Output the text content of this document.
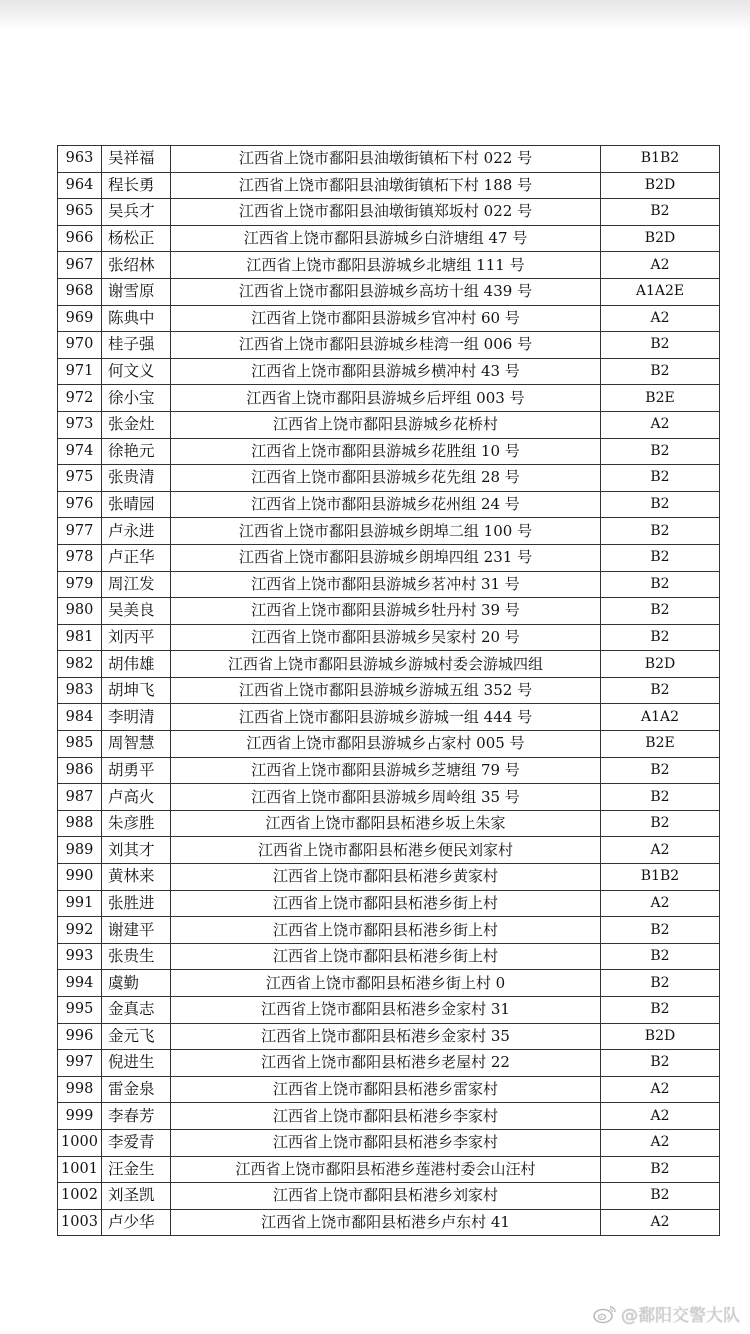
963	吴祥福	江西省上饶市鄱阳县油墩街镇柘下村 022 号	B1B2
964	程长勇	江西省上饶市鄱阳县油墩街镇柘下村 188 号	B2D
965	吴兵才	江西省上饶市鄱阳县油墩街镇郑坂村 022 号	B2
966	杨松正	江西省上饶市鄱阳县游城乡白浒塘组 47 号	B2D
967	张绍林	江西省上饶市鄱阳县游城乡北塘组 111 号	A2
968	谢雪原	江西省上饶市鄱阳县游城乡高坊十组 439 号	A1A2E
969	陈典中	江西省上饶市鄱阳县游城乡官冲村 60 号	A2
970	桂子强	江西省上饶市鄱阳县游城乡桂湾一组 006 号	B2
971	何文义	江西省上饶市鄱阳县游城乡横冲村 43 号	B2
972	徐小宝	江西省上饶市鄱阳县游城乡后坪组 003 号	B2E
973	张金灶	江西省上饶市鄱阳县游城乡花桥村	A2
974	徐艳元	江西省上饶市鄱阳县游城乡花胜组 10 号	B2
975	张贵清	江西省上饶市鄱阳县游城乡花先组 28 号	B2
976	张晴园	江西省上饶市鄱阳县游城乡花州组 24 号	B2
977	卢永进	江西省上饶市鄱阳县游城乡朗埠二组 100 号	B2
978	卢正华	江西省上饶市鄱阳县游城乡朗埠四组 231 号	B2
979	周江发	江西省上饶市鄱阳县游城乡茗冲村 31 号	B2
980	吴美良	江西省上饶市鄱阳县游城乡牡丹村 39 号	B2
981	刘丙平	江西省上饶市鄱阳县游城乡吴家村 20 号	B2
982	胡伟雄	江西省上饶市鄱阳县游城乡游城村委会游城四组	B2D
983	胡坤飞	江西省上饶市鄱阳县游城乡游城五组 352 号	B2
984	李明清	江西省上饶市鄱阳县游城乡游城一组 444 号	A1A2
985	周智慧	江西省上饶市鄱阳县游城乡占家村 005 号	B2E
986	胡勇平	江西省上饶市鄱阳县游城乡芝塘组 79 号	B2
987	卢高火	江西省上饶市鄱阳县游城乡周岭组 35 号	B2
988	朱彦胜	江西省上饶市鄱阳县柘港乡坂上朱家	B2
989	刘其才	江西省上饶市鄱阳县柘港乡便民刘家村	A2
990	黄林来	江西省上饶市鄱阳县柘港乡黄家村	B1B2
991	张胜进	江西省上饶市鄱阳县柘港乡街上村	A2
992	谢建平	江西省上饶市鄱阳县柘港乡街上村	B2
993	张贵生	江西省上饶市鄱阳县柘港乡街上村	B2
994	虞勤	江西省上饶市鄱阳县柘港乡街上村 0	B2
995	金真志	江西省上饶市鄱阳县柘港乡金家村 31	B2
996	金元飞	江西省上饶市鄱阳县柘港乡金家村 35	B2D
997	倪进生	江西省上饶市鄱阳县柘港乡老屋村 22	B2
998	雷金泉	江西省上饶市鄱阳县柘港乡雷家村	A2
999	李春芳	江西省上饶市鄱阳县柘港乡李家村	A2
1000	李爱青	江西省上饶市鄱阳县柘港乡李家村	A2
1001	汪金生	江西省上饶市鄱阳县柘港乡莲港村委会山汪村	B2
1002	刘圣凯	江西省上饶市鄱阳县柘港乡刘家村	B2
1003	卢少华	江西省上饶市鄱阳县柘港乡卢东村 41	A2
@鄱阳交警大队
